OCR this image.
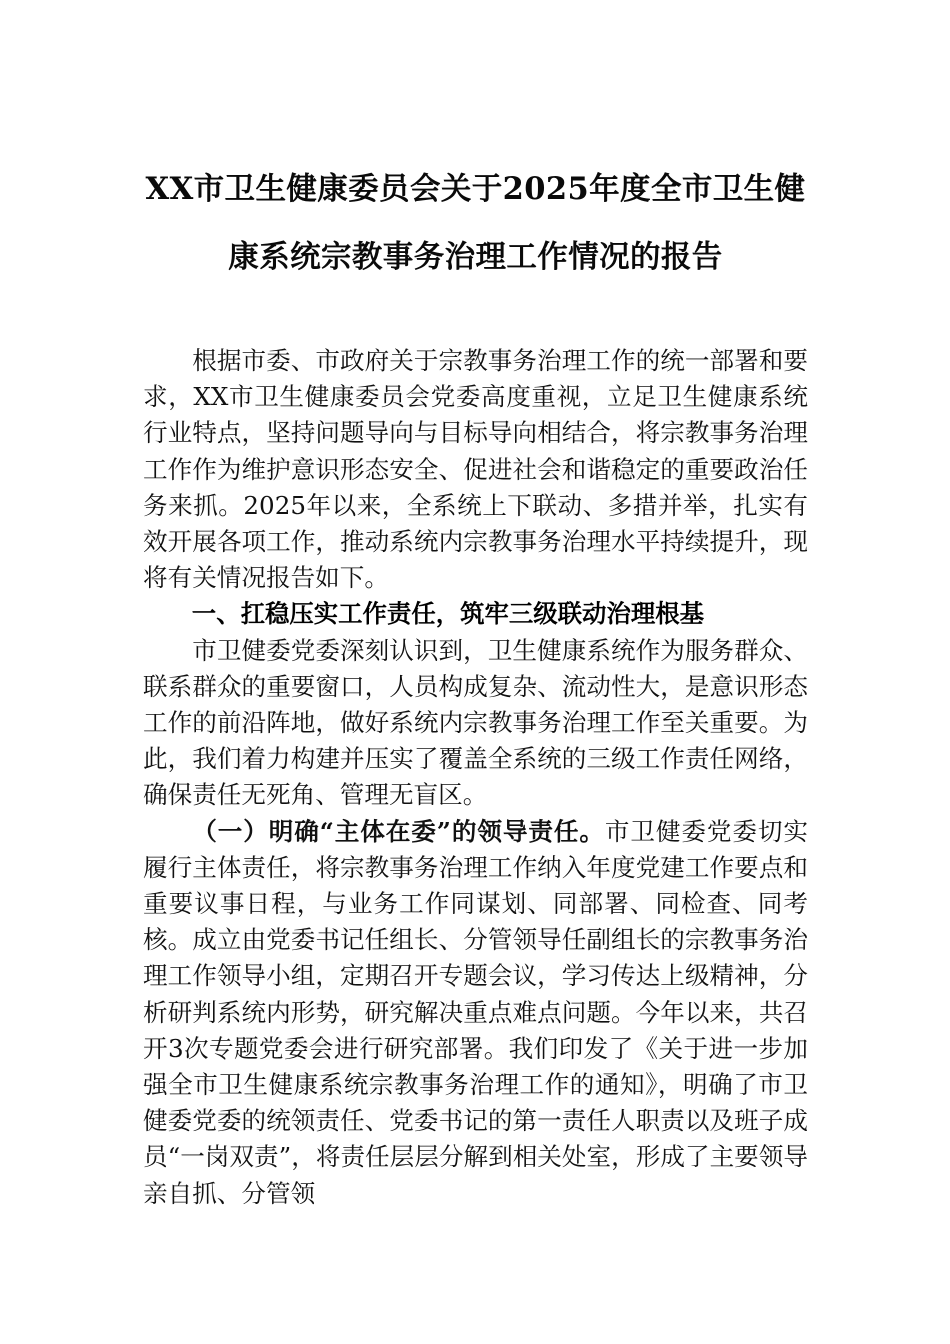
XX市卫生健康委员会关于2025年度全市卫生健康系统宗教事务治理工作情况的报告

根据市委、市政府关于宗教事务治理工作的统一部署和要求，XX市卫生健康委员会党委高度重视，立足卫生健康系统行业特点，坚持问题导向与目标导向相结合，将宗教事务治理工作作为维护意识形态安全、促进社会和谐稳定的重要政治任务来抓。2025年以来，全系统上下联动、多措并举，扎实有效开展各项工作，推动系统内宗教事务治理水平持续提升，现将有关情况报告如下。

一、扛稳压实工作责任，筑牢三级联动治理根基

市卫健委党委深刻认识到，卫生健康系统作为服务群众、联系群众的重要窗口，人员构成复杂、流动性大，是意识形态工作的前沿阵地，做好系统内宗教事务治理工作至关重要。为此，我们着力构建并压实了覆盖全系统的三级工作责任网络，确保责任无死角、管理无盲区。

（一）明确“主体在委”的领导责任。市卫健委党委切实履行主体责任，将宗教事务治理工作纳入年度党建工作要点和重要议事日程，与业务工作同谋划、同部署、同检查、同考核。成立由党委书记任组长、分管领导任副组长的宗教事务治理工作领导小组，定期召开专题会议，学习传达上级精神，分析研判系统内形势，研究解决重点难点问题。今年以来，共召开3次专题党委会进行研究部署。我们印发了《关于进一步加强全市卫生健康系统宗教事务治理工作的通知》，明确了市卫健委党委的统领责任、党委书记的第一责任人职责以及班子成员“一岗双责”，将责任层层分解到相关处室，形成了主要领导亲自抓、分管领
